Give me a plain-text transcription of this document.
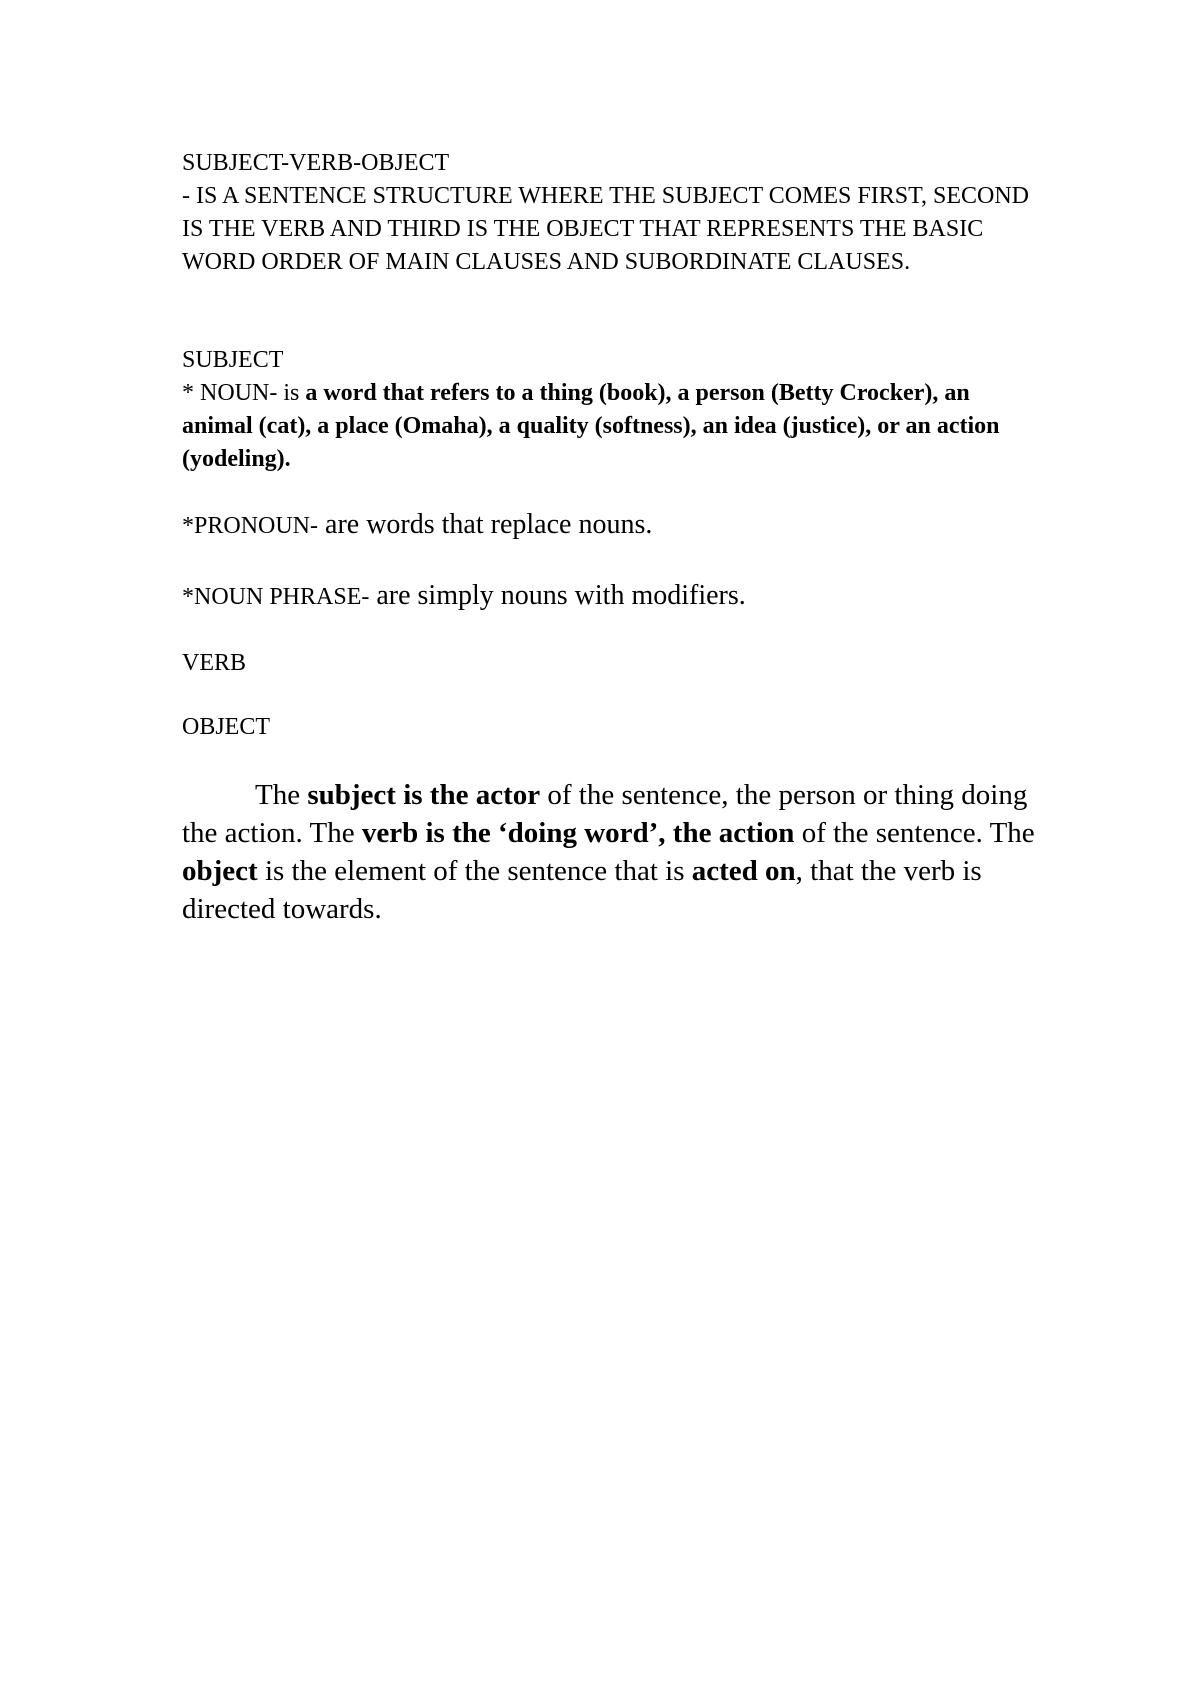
SUBJECT-VERB-OBJECT

- IS A SENTENCE STRUCTURE WHERE THE SUBJECT COMES FIRST, SECOND IS THE VERB AND THIRD IS THE OBJECT THAT REPRESENTS THE BASIC WORD ORDER OF MAIN CLAUSES AND SUBORDINATE CLAUSES.

SUBJECT

* NOUN- is a word that refers to a thing (book), a person (Betty Crocker), an animal (cat), a place (Omaha), a quality (softness), an idea (justice), or an action (yodeling).

*PRONOUN- are words that replace nouns.

*NOUN PHRASE- are simply nouns with modifiers.

VERB

OBJECT

The subject is the actor of the sentence, the person or thing doing the action. The verb is the ‘doing word’, the action of the sentence. The object is the element of the sentence that is acted on, that the verb is directed towards.
